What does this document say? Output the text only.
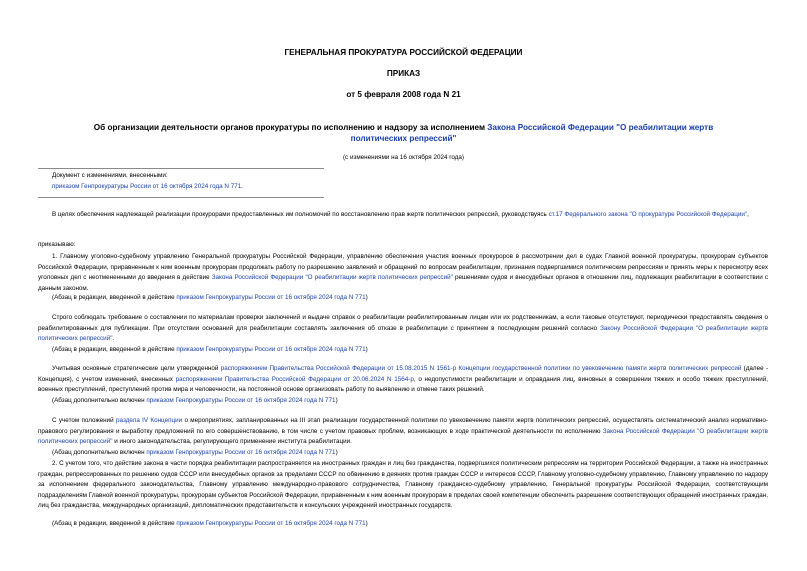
ГЕНЕРАЛЬНАЯ ПРОКУРАТУРА РОССИЙСКОЙ ФЕДЕРАЦИИ
ПРИКАЗ
от 5 февраля 2008 года N 21
Об организации деятельности органов прокуратуры по исполнению и надзору за исполнением Закона Российской Федерации "О реабилитации жертв
политических репрессий"
(с изменениями на 16 октября 2024 года)
Документ с изменениями, внесенными:
приказом Генпрокуратуры России от 16 октября 2024 года N 771.
В целях обеспечения надлежащей реализации прокурорами предоставленных им полномочий по восстановлению прав жертв политических репрессий, руководствуясь ст.17 Федерального закона "О прокуратуре Российской Федерации",
приказываю:
1. Главному уголовно-судебному управлению Генеральной прокуратуры Российской Федерации, управлению обеспечения участия военных прокуроров в рассмотрении дел в судах Главной военной прокуратуры, прокурорам субъектов Российской Федерации, приравненным к ним военным прокурорам продолжать работу по разрешению заявлений и обращений по вопросам реабилитации, признания подвергшимися политическим репрессиям и принять меры к пересмотру всех уголовных дел с неотмененными до введения в действие Закона Российской Федерации "О реабилитации жертв политических репрессий" решениями судов и внесудебных органов в отношении лиц, подлежащих реабилитации в соответствии с данным законом.
(Абзац в редакции, введенной в действие приказом Генпрокуратуры России от 16 октября 2024 года N 771)
Строго соблюдать требование о составлении по материалам проверки заключений и выдаче справок о реабилитации реабилитированным лицам или их родственникам, а если таковые отсутствуют, периодически предоставлять сведения о реабилитированных для публикации. При отсутствии оснований для реабилитации составлять заключения об отказе в реабилитации с принятием в последующем решений согласно Закону Российской Федерации "О реабилитации жертв политических репрессий".
(Абзац в редакции, введенной в действие приказом Генпрокуратуры России от 16 октября 2024 года N 771)
Учитывая основные стратегические цели утвержденной распоряжением Правительства Российской Федерации от 15.08.2015 N 1561-р Концепции государственной политики по увековечению памяти жертв политических репрессий (далее - Концепция), с учетом изменений, внесенных распоряжением Правительства Российской Федерации от 20.06.2024 N 1564-р, о недопустимости реабилитации и оправдания лиц, виновных в совершении тяжких и особо тяжких преступлений, военных преступлений, преступлений против мира и человечности, на постоянной основе организовать работу по выявлению и отмене таких решений.
(Абзац дополнительно включен приказом Генпрокуратуры России от 16 октября 2024 года N 771)
С учетом положений раздела IV Концепции о мероприятиях, запланированных на III этап реализации государственной политики по увековечению памяти жертв политических репрессий, осуществлять систематический анализ нормативно-правового регулирования и выработку предложений по его совершенствованию, в том числе с учетом правовых проблем, возникающих в ходе практической деятельности по исполнению Закона Российской Федерации "О реабилитации жертв политических репрессий" и иного законодательства, регулирующего применение института реабилитации.
(Абзац дополнительно включен приказом Генпрокуратуры России от 16 октября 2024 года N 771)
2. С учетом того, что действие закона в части порядка реабилитации распространяется на иностранных граждан и лиц без гражданства, подвергшихся политическим репрессиям на территории Российской Федерации, а также на иностранных граждан, репрессированных по решению судов СССР или внесудебных органов за пределами СССР по обвинению в деяниях против граждан СССР и интересов СССР, Главному уголовно-судебному управлению, Главному управлению по надзору за исполнением федерального законодательства, Главному управлению международно-правового сотрудничества, Главному гражданско-судебному управлению, Генеральной прокуратуры Российской Федерации, соответствующим подразделениям Главной военной прокуратуры, прокурорам субъектов Российской Федерации, приравненным к ним военным прокурорам в пределах своей компетенции обеспечить разрешение соответствующих обращений иностранных граждан, лиц без гражданства, международных организаций, дипломатических представительств и консульских учреждений иностранных государств.
(Абзац в редакции, введенной в действие приказом Генпрокуратуры России от 16 октября 2024 года N 771)
